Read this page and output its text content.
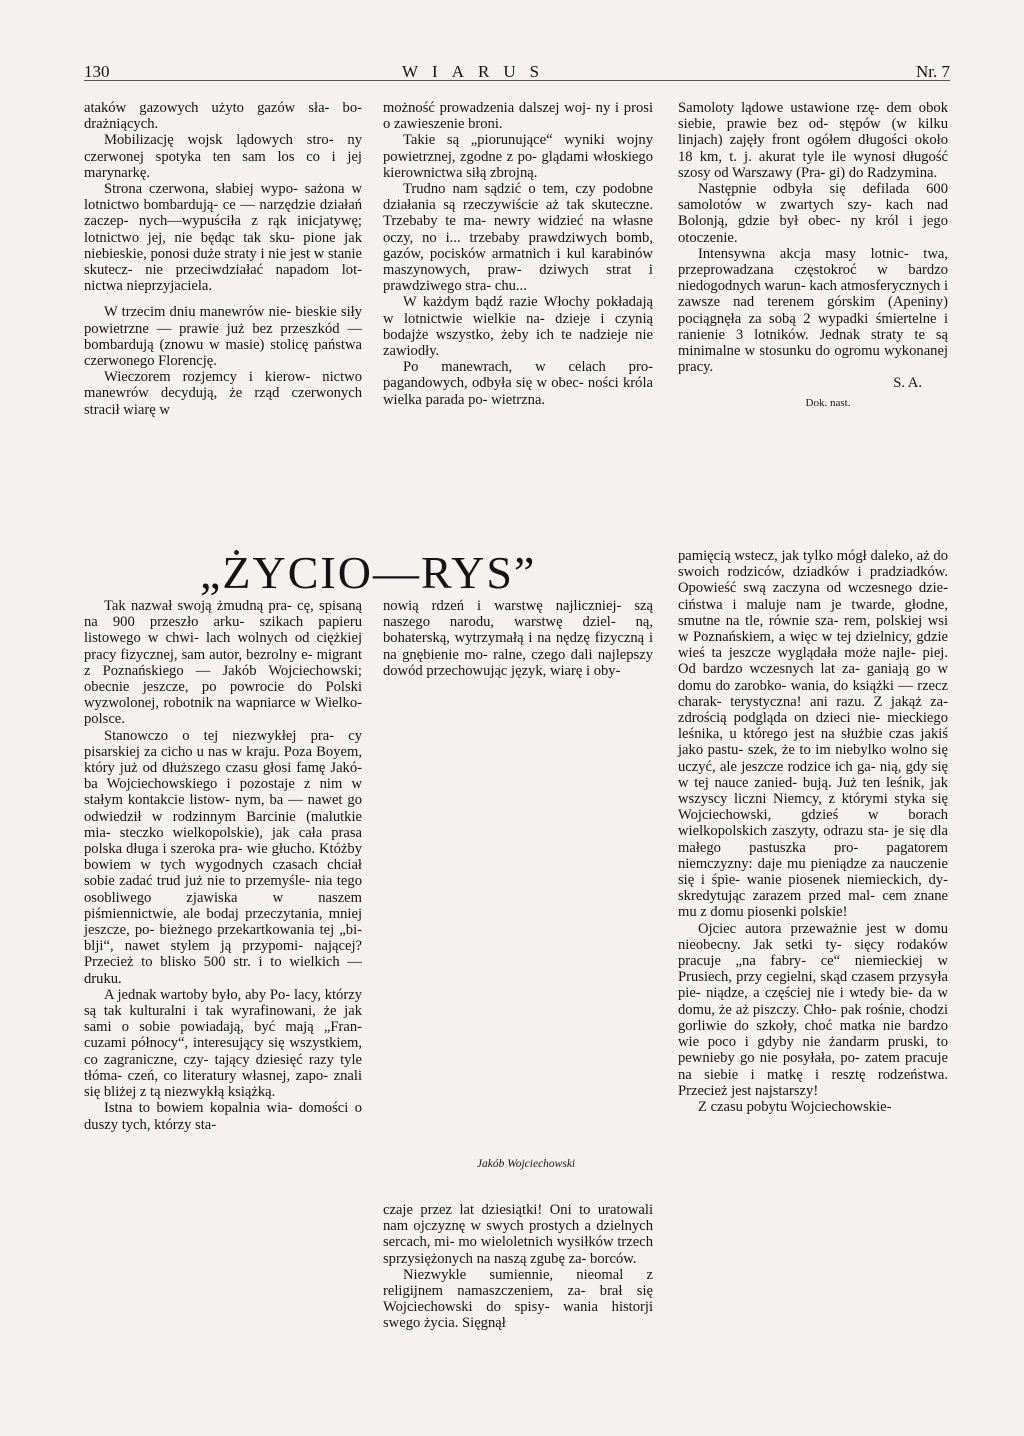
130	WIARUS	Nr. 7

ataków gazowych użyto gazów sła- bo-drażniących.

Mobilizację wojsk lądowych stro- ny czerwonej spotyka ten sam los co i jej marynarkę.

Strona czerwona, słabiej wypo- sażona w lotnictwo bombardują- ce — narzędzie działań zaczep- nych—wypuściła z rąk inicjatywę; lotnictwo jej, nie będąc tak sku- pione jak niebieskie, ponosi duże straty i nie jest w stanie skutecz- nie przeciwdziałać napadom lot- nictwa nieprzyjaciela.

W trzecim dniu manewrów nie- bieskie siły powietrzne — prawie już bez przeszkód — bombardują (znowu w masie) stolicę państwa czerwonego Florencję.

Wieczorem rozjemcy i kierow- nictwo manewrów decydują, że rząd czerwonych stracił wiarę w

możność prowadzenia dalszej woj- ny i prosi o zawieszenie broni.

Takie są „piorunujące“ wyniki wojny powietrznej, zgodne z po- glądami włoskiego kierownictwa siłą zbrojną.

Trudno nam sądzić o tem, czy podobne działania są rzeczywiście aż tak skuteczne. Trzebaby te ma- newry widzieć na własne oczy, no i... trzebaby prawdziwych bomb, gazów, pocisków armatnich i kul karabinów maszynowych, praw- dziwych strat i prawdziwego stra- chu...

W każdym bądź razie Włochy pokładają w lotnictwie wielkie na- dzieje i czynią bodajże wszystko, żeby ich te nadzieje nie zawiodły.

Po manewrach, w celach pro- pagandowych, odbyła się w obec- ności króla wielka parada po- wietrzna.

Samoloty lądowe ustawione rzę- dem obok siebie, prawie bez od- stępów (w kilku linjach) zajęły front ogółem długości około 18 km, t. j. akurat tyle ile wynosi długość szosy od Warszawy (Pra- gi) do Radzymina.

Następnie odbyła się defilada 600 samolotów w zwartych szy- kach nad Bolonją, gdzie był obec- ny król i jego otoczenie.

Intensywna akcja masy lotnic- twa, przeprowadzana częstokroć w bardzo niedogodnych warun- kach atmosferycznych i zawsze nad terenem górskim (Apeniny) pociągnęła za sobą 2 wypadki śmiertelne i ranienie 3 lotników. Jednak straty te są minimalne w stosunku do ogromu wykonanej pracy.

S. A.
Dok. nast.
„ŻYCIO—RYS”

Tak nazwał swoją żmudną pra- cę, spisaną na 900 przeszło arku- szikach papieru listowego w chwi- lach wolnych od ciężkiej pracy fizycznej, sam autor, bezrolny e- migrant z Poznańskiego — Jakób Wojciechowski; obecnie jeszcze, po powrocie do Polski wyzwolonej, robotnik na wapniarce w Wielko- polsce.

Stanowczo o tej niezwykłej pra- cy pisarskiej za cicho u nas w kraju. Poza Boyem, który już od dłuższego czasu głosi famę Jakó- ba Wojciechowskiego i pozostaje z nim w stałym kontakcie listow- nym, ba — nawet go odwiedził w rodzinnym Barcinie (malutkie mia- steczko wielkopolskie), jak cała prasa polska długa i szeroka pra- wie głucho. Któżby bowiem w tych wygodnych czasach chciał sobie zadać trud już nie to przemyśle- nia tego osobliwego zjawiska w naszem piśmiennictwie, ale bodaj przeczytania, mniej jeszcze, po- bieżnego przekartkowania tej „bi- blji“, nawet stylem ją przypomi- nającej? Przecież to blisko 500 str. i to wielkich — druku.

A jednak wartoby było, aby Po- lacy, którzy są tak kulturalni i tak wyrafinowani, że jak sami o sobie powiadają, być mają „Fran- cuzami północy“, interesujący się wszystkiem, co zagraniczne, czy- tający dziesięć razy tyle tłóma- czeń, co literatury własnej, zapo- znali się bliżej z tą niezwykłą książką.

Istna to bowiem kopalnia wia- domości o duszy tych, którzy sta-

nowią rdzeń i warstwę najliczniej- szą naszego narodu, warstwę dziel- ną, bohaterską, wytrzymałą i na nędzę fizyczną i na gnębienie mo- ralne, czego dali najlepszy dowód przechowując język, wiarę i oby-

Jakób Wojciechowski

czaje przez lat dziesiątki! Oni to uratowali nam ojczyznę w swych prostych a dzielnych sercach, mi- mo wieloletnich wysiłków trzech sprzysiężonych na naszą zgubę za- borców.

Niezwykle sumiennie, nieomal z religijnem namaszczeniem, za- brał się Wojciechowski do spisy- wania historji swego życia. Sięgnął

pamięcią wstecz, jak tylko mógł daleko, aż do swoich rodziców, dziadków i pradziadków. Opowieść swą zaczyna od wczesnego dzie- ciństwa i maluje nam je twarde, głodne, smutne na tle, równie sza- rem, polskiej wsi w Poznańskiem, a więc w tej dzielnicy, gdzie wieś ta jeszcze wyglądała może najle- piej. Od bardzo wczesnych lat za- ganiają go w domu do zarobko- wania, do książki — rzecz charak- terystyczna! ani razu. Z jakąż za- zdrością podgląda on dzieci nie- mieckiego leśnika, u którego jest na służbie czas jakiś jako pastu- szek, że to im niebylko wolno się uczyć, ale jeszcze rodzice ich ga- nią, gdy się w tej nauce zanied- bują. Już ten leśnik, jak wszyscy liczni Niemcy, z którymi styka się Wojciechowski, gdzieś w borach wielkopolskich zaszyty, odrazu sta- je się dla małego pastuszka pro- pagatorem niemczyzny: daje mu pieniądze za nauczenie się i śpie- wanie piosenek niemieckich, dy- skredytując zarazem przed mal- cem znane mu z domu piosenki polskie!

Ojciec autora przeważnie jest w domu nieobecny. Jak setki ty- sięcy rodaków pracuje „na fabry- ce“ niemieckiej w Prusiech, przy cegielni, skąd czasem przysyła pie- niądze, a częściej nie i wtedy bie- da w domu, że aż piszczy. Chło- pak rośnie, chodzi gorliwie do szkoły, choć matka nie bardzo wie poco i gdyby nie żandarm pruski, to pewnieby go nie posyłała, po- zatem pracuje na siebie i matkę i resztę rodzeństwa. Przecież jest najstarszy!

Z czasu pobytu Wojciechowskie-
